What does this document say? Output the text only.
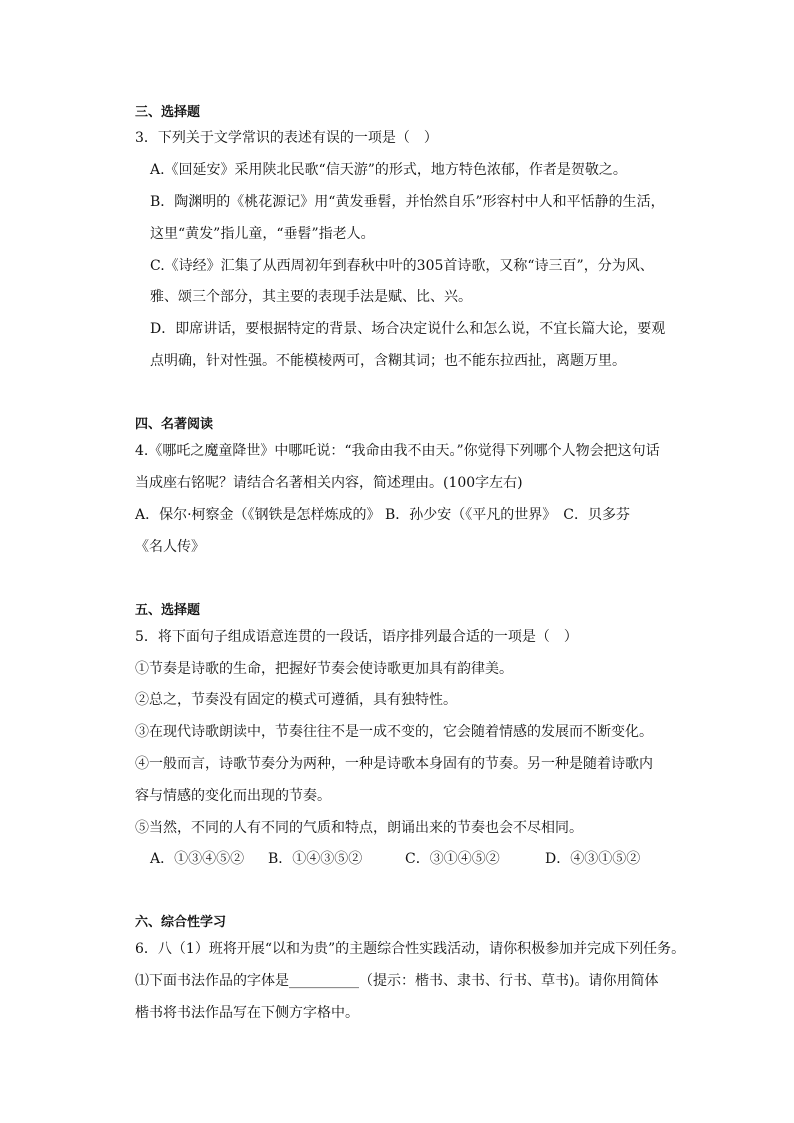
三、选择题
3．下列关于文学常识的表述有误的一项是（　）
A.《回延安》采用陕北民歌“信天游”的形式，地方特色浓郁，作者是贺敬之。
B．陶渊明的《桃花源记》用“黄发垂髫，并怡然自乐”形容村中人和平恬静的生活，
这里“黄发”指儿童，“垂髫”指老人。
C.《诗经》汇集了从西周初年到春秋中叶的305首诗歌，又称“诗三百”，分为风、
雅、颂三个部分，其主要的表现手法是赋、比、兴。
D．即席讲话，要根据特定的背景、场合决定说什么和怎么说，不宜长篇大论，要观
点明确，针对性强。不能模棱两可，含糊其词；也不能东拉西扯，离题万里。
四、名著阅读
4.《哪吒之魔童降世》中哪吒说：“我命由我不由天。”你觉得下列哪个人物会把这句话
当成座右铭呢？请结合名著相关内容，简述理由。(100字左右)
A．保尔·柯察金（《钢铁是怎样炼成的》 B．孙少安（《平凡的世界》　C．贝多芬
《名人传》
五、选择题
5．将下面句子组成语意连贯的一段话，语序排列最合适的一项是（　）
①节奏是诗歌的生命，把握好节奏会使诗歌更加具有韵律美。
②总之，节奏没有固定的模式可遵循，具有独特性。
③在现代诗歌朗读中，节奏往往不是一成不变的，它会随着情感的发展而不断变化。
④一般而言，诗歌节奏分为两种，一种是诗歌本身固有的节奏。另一种是随着诗歌内
容与情感的变化而出现的节奏。
⑤当然，不同的人有不同的气质和特点，朗诵出来的节奏也会不尽相同。
A．①③④⑤② B．①④③⑤②	C．③①④⑤②	D．④③①⑤②
六、综合性学习
6．八（1）班将开展“以和为贵”的主题综合性实践活动，请你积极参加并完成下列任务。
⑴下面书法作品的字体是__________（提示：楷书、隶书、行书、草书)。请你用简体
楷书将书法作品写在下侧方字格中。
